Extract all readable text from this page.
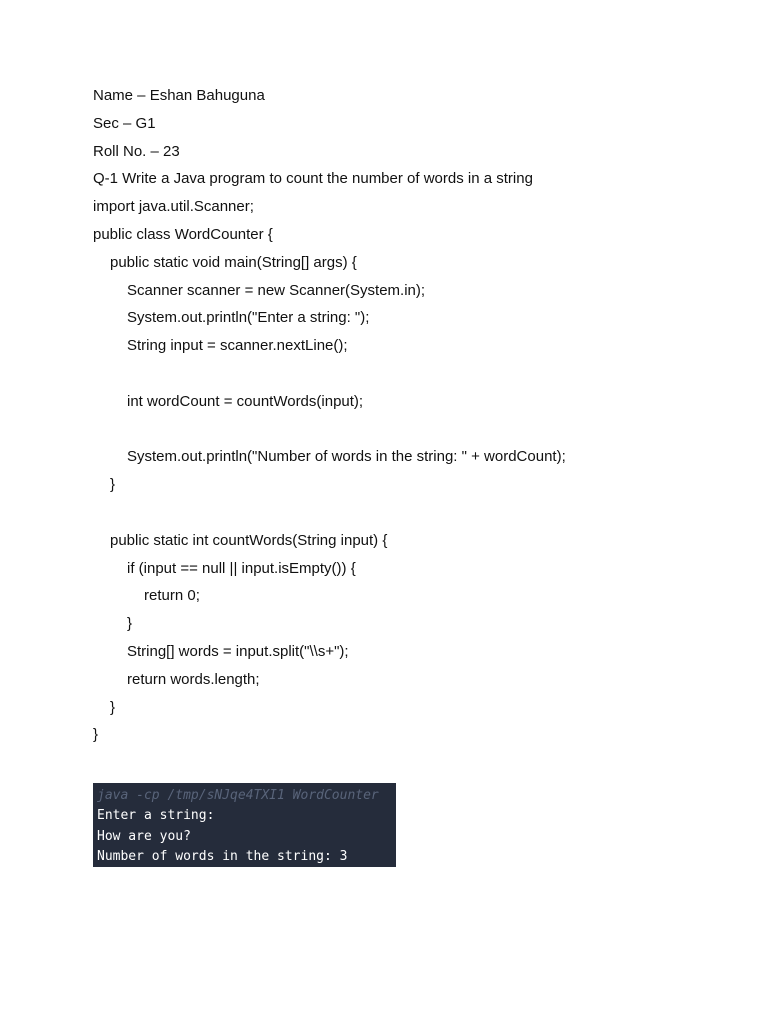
Name – Eshan Bahuguna
Sec – G1
Roll No. – 23
Q-1 Write a Java program to count the number of words in a string
import java.util.Scanner;
public class WordCounter {
public static void main(String[] args) {
Scanner scanner = new Scanner(System.in);
System.out.println("Enter a string: ");
String input = scanner.nextLine();
int wordCount = countWords(input);
System.out.println("Number of words in the string: " + wordCount);
}
public static int countWords(String input) {
if (input == null || input.isEmpty()) {
return 0;
}
String[] words = input.split("\\s+");
return words.length;
}
}
java -cp /tmp/sNJqe4TXI1 WordCounter
Enter a string:
How are you?
Number of words in the string: 3
